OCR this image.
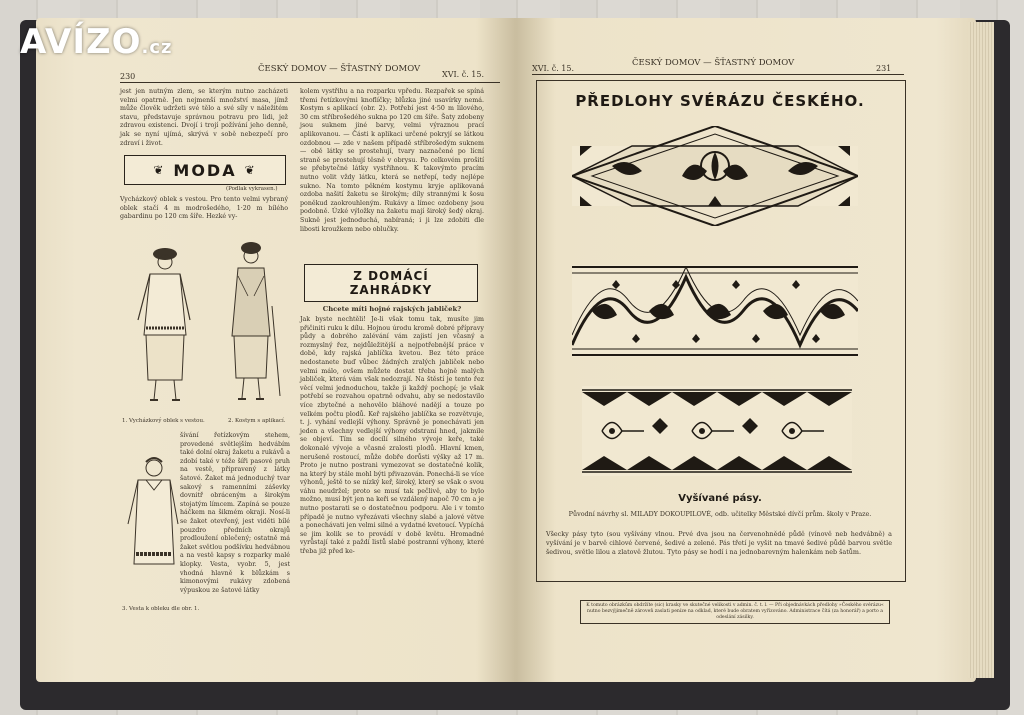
AVÍZO.cz
230
ČESKÝ DOMOV — ŠŤASTNÝ DOMOV
XVI. č. 15.
jest jen nutným zlem, se kterým nutno zacházeti velmi opatrně. Jen nejmenší množství masa, jímž může člověk udržeti své tělo a své síly v náležitém stavu, představuje správnou potravu pro lidi, jež zdravou existenci. Dvojí i trojí požívání jeho denně, jak se nyní ujímá, skrývá v sobě nebezpečí pro zdraví i život.
❦ MODA ❦
(Podlak vykrasen.)
Vycházkový oblek s vestou. Pro tento velmi vybraný oblek stačí 4 m modrošedého, 1·20 m bílého gabardinu po 120 cm šíře. Hezké vy-
1. Vycházkový oblek s vestou.	2. Kostym s aplikací.
šívání řetízkovým stehem, provedené světlejším hedvábím také dolní okraj žaketu a rukávů a zdobí také v téže šíři pasové pruh na vestě, připravený z látky šatové. Žaket má jednoduchý tvar sakový s ramenními záševky dovnitř obráceným a širokým stojatým límcem. Zapíná se pouze háčkem na šikmém okraji. Nosí-li se žaket otevřený, jest viděti bílé pouzdro předních okrajů prodloužení oblečený; ostatně má žaket světlou podšívku hedvábnou a na vestě kapsy s rozparky malé klopky. Vesta, vyobr. 5, jest vhodná hlavně k blůzkám s kimonovými rukávy zdobená výpuskou ze šatové látky
3. Vesta k obleku dle obr. 1.
kolem vystřihu a na rozparku vpředu. Rezpařek se spíná třemi řetízkovými knoflíčky; blůzka jiné usavírky nemá. Kostym s aplikací (obr. 2). Potřebí jest 4·50 m lilového, 30 cm stříbrošedého sukna po 120 cm šíře. Šaty zdobeny jsou suknem jiné barvy, velmi výraznou prací aplikovanou. — Části k aplikaci určené pokryjí se látkou ozdobnou — zde v našem případě stříbrošedým suknem — obě látky se prostehují, tvary naznačené po lícní straně se prostehují těsně v obrysu. Po celkovém prošití se přebytečné látky vystřihnou. K takovýmto pracím nutno volit vždy látku, která se netřepí, tedy nejlépe sukno. Na tomto pěkném kostymu kryje aplikovaná ozdoba našití žaketu se širokým; díly strannými k šosu poněkud zaokrouhleným. Rukávy a límec ozdobeny jsou podobně. Úzké výložky na žaketu mají široký šedý okraj. Sukně jest jednoduchá, nabíraná; i ji lze zdobiti dle libosti kroužkem nebo oblučky.
Z DOMÁCÍ
ZAHRÁDKY
Chcete míti hojné rajských jabliček?
Jak byste nechtěli! Je-li však tomu tak, musíte jim přičiniti ruku k dílu. Hojnou úrodu kromě dobré přípravy půdy a dobrého zalévání vám zajistí jen včasný a rozmyslný řez, nejdůležitější a nejpotřebnější práce v době, kdy rajská jablíčka kvetou. Bez této práce nedostanete buď vůbec žádných zralých jabliček nebo velmi málo, ovšem můžete dostat třeba hojně malých jabliček, která vám však nedozrají. Na štěstí je tento řez věcí velmi jednoduchou, takže ji každý pochopí; je však potřebí se rozvahou opatrně odvahu, aby se nedostavilo více zbytečné a nehovělo bláhové nadějí a touze po velkém počtu plodů. Keř rajského jablíčka se rozvětvuje, t. j. vyhání vedlejší výhony. Správně je ponechávati jen jeden a všechny vedlejší výhony odstraní hned, jakmile se objeví. Tím se docílí silného vývoje keře, také dokonalé vývoje a včasné zralosti plodů. Hlavní kmen, nerušeně rostoucí, může dobře dorůsti výšky až 17 m. Proto je nutno postrani vymezovat se dostatečné kolik, na který by stále mohl býti přivazován. Ponechá-li se více výhonů, ještě to se nízký keř, široký, který se však o svou váhu neudržel; proto se musí tak pečlivě, aby to bylo možno, musí být jen na keři se vzdálený napoč 70 cm a je nutno postarati se o dostatečnou podporu. Ale i v tomto případě je nutno vyřezávati všechny slabé a jalové větve a ponechávati jen velmi silné a vydatné kvetoucí. Vypíchá se jim kolik se to provádí v době květu. Hromadné vyrůstají také z paždí listů slabé postranní výhony, které třeba již před ke-
XVI. č. 15.
ČESKÝ DOMOV — ŠŤASTNÝ DOMOV
231
PŘEDLOHY SVÉRÁZU ČESKÉHO.
Vyšívané pásy.
Původní návrhy sl. MILADY DOKOUPILOVÉ, odb. učitelky Městské dívčí prům. školy v Praze.
Všecky pásy tyto (sou vyšívány vlnou. Prvé dva jsou na červenohnědé půdě (vínově neb hedvábně) a vyšívání je v barvě cihlové červené, šedivé a zelené. Pás třetí je vyšit na tmavé šedivé půdě barvou světle šedivou, světle lilou a zlatově žlutou. Tyto pásy se hodí i na jednobarevným halenkám neb šatům.
K tomuto obrázkům obdržíte (sic) krasky ve skutečné velikosti v admin. č. t. l. — Při objednávkách předlohy »Českého svérázu« nutno bezvýjimečně zároveň zaslati peníze na odklad, které bude obratem vyřízováno. Administrace čítá (za honorář) a porto a odeslání zásilky.
